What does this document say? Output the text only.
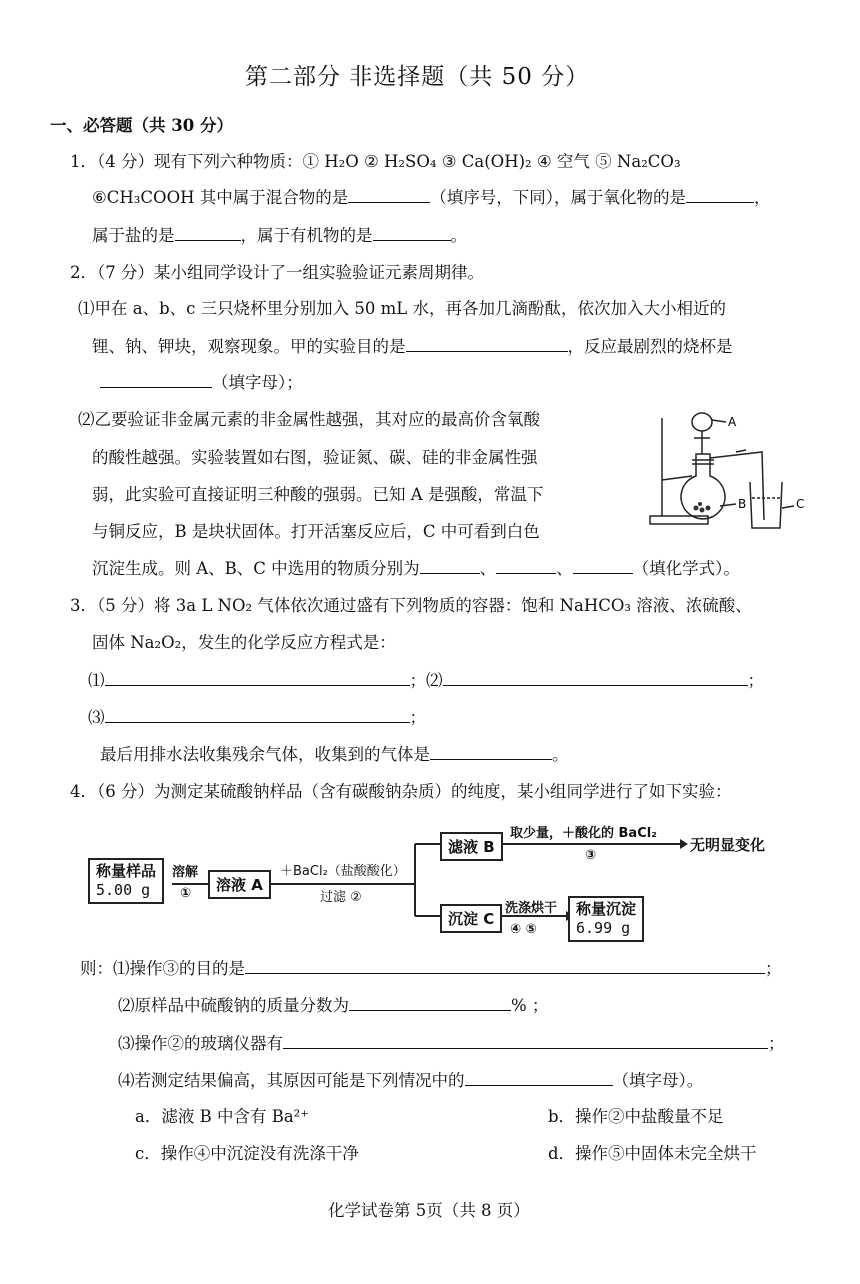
第二部分 非选择题（共 50 分）
一、必答题（共 30 分）
1．（4 分）现有下列六种物质：① H₂O ② H₂SO₄ ③ Ca(OH)₂ ④ 空气 ⑤ Na₂CO₃
⑥CH₃COOH 其中属于混合物的是	（填序号，下同），属于氧化物的是	，
属于盐的是	，属于有机物的是	。
2．（7 分）某小组同学设计了一组实验验证元素周期律。
⑴甲在 a、b、c 三只烧杯里分别加入 50 mL 水，再各加几滴酚酞，依次加入大小相近的
锂、钠、钾块，观察现象。甲的实验目的是	，反应最剧烈的烧杯是
（填字母）；
⑵乙要验证非金属元素的非金属性越强，其对应的最高价含氧酸
的酸性越强。实验装置如右图，验证氮、碳、硅的非金属性强
弱，此实验可直接证明三种酸的强弱。已知 A 是强酸，常温下
与铜反应，B 是块状固体。打开活塞反应后，C 中可看到白色
沉淀生成。则 A、B、C 中选用的物质分别为	、	、	（填化学式）。
A
B	C
3．（5 分）将 3a L NO₂ 气体依次通过盛有下列物质的容器：饱和 NaHCO₃ 溶液、浓硫酸、
固体 Na₂O₂，发生的化学反应方程式是：
⑴	；⑵	；
⑶	；
最后用排水法收集残余气体，收集到的气体是	。
4．（6 分）为测定某硫酸钠样品（含有碳酸钠杂质）的纯度，某小组同学进行了如下实验：
称量样品
5.00 g
溶解
①	溶液 A
＋BaCl₂（盐酸酸化）
过滤 ②
滤液 B
取少量，＋酸化的 BaCl₂
③
无明显变化
沉淀 C
洗涤烘干
④ ⑤
称量沉淀
6.99 g
则：⑴操作③的目的是	；
⑵原样品中硫酸钠的质量分数为	% ；
⑶操作②的玻璃仪器有	；
⑷若测定结果偏高，其原因可能是下列情况中的	（填字母）。
a．滤液 B 中含有 Ba²⁺	b．操作②中盐酸量不足
c．操作④中沉淀没有洗涤干净	d．操作⑤中固体未完全烘干
化学试卷第 5页（共 8 页）
